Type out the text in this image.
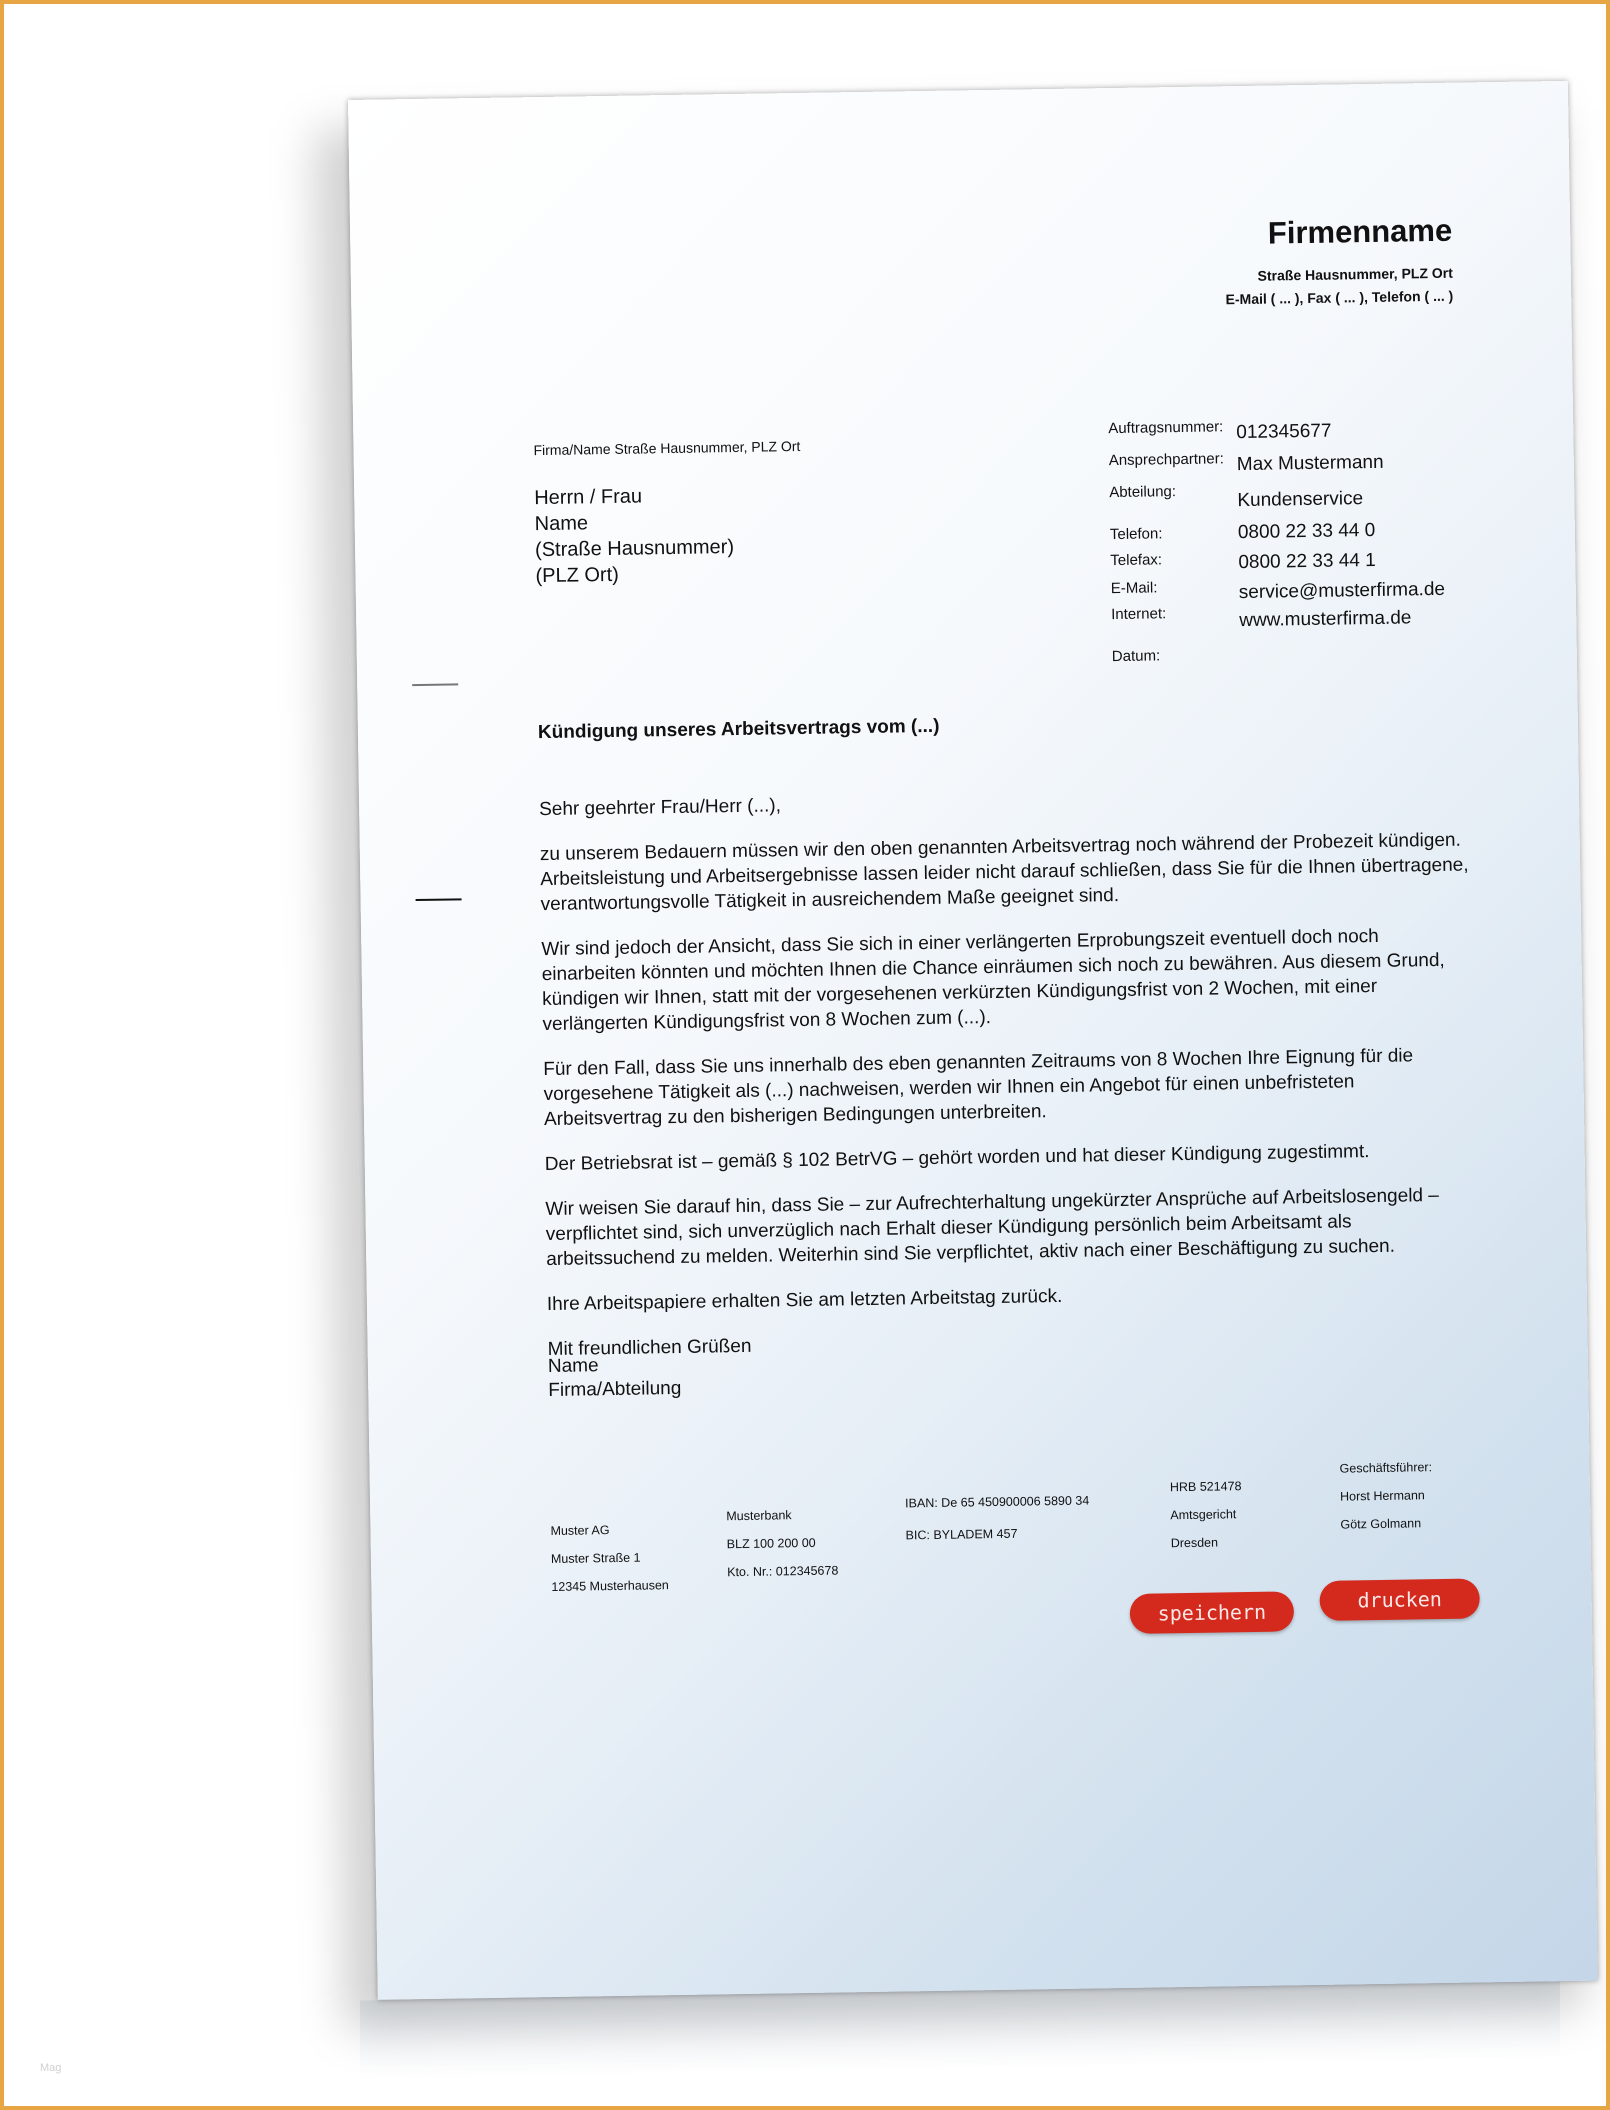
Firmenname
Straße Hausnummer, PLZ Ort
E-Mail ( ... ), Fax ( ... ), Telefon ( ... )
Firma/Name Straße Hausnummer, PLZ Ort
Herrn / Frau
Name
(Straße Hausnummer)
(PLZ Ort)
Auftragsnummer: 012345677
Ansprechpartner: Max Mustermann
Abteilung:	Kundenservice
Telefon:	0800 22 33 44 0
Telefax:	0800 22 33 44 1
E-Mail:	service@musterfirma.de
Internet:	www.musterfirma.de
Datum:
Kündigung unseres Arbeitsvertrags vom (...)
Sehr geehrter Frau/Herr (...),

zu unserem Bedauern müssen wir den oben genannten Arbeitsvertrag noch während der Probezeit kündigen. Arbeitsleistung und Arbeitsergebnisse lassen leider nicht darauf schließen, dass Sie für die Ihnen übertragene, verantwortungsvolle Tätigkeit in ausreichendem Maße geeignet sind.

Wir sind jedoch der Ansicht, dass Sie sich in einer verlängerten Erprobungszeit eventuell doch noch einarbeiten könnten und möchten Ihnen die Chance einräumen sich noch zu bewähren. Aus diesem Grund, kündigen wir Ihnen, statt mit der vorgesehenen verkürzten Kündigungsfrist von 2 Wochen, mit einer verlängerten Kündigungsfrist von 8 Wochen zum (...).

Für den Fall, dass Sie uns innerhalb des eben genannten Zeitraums von 8 Wochen Ihre Eignung für die vorgesehene Tätigkeit als (...) nachweisen, werden wir Ihnen ein Angebot für einen unbefristeten Arbeitsvertrag zu den bisherigen Bedingungen unterbreiten.

Der Betriebsrat ist – gemäß § 102 BetrVG – gehört worden und hat dieser Kündigung zugestimmt.

Wir weisen Sie darauf hin, dass Sie – zur Aufrechterhaltung ungekürzter Ansprüche auf Arbeitslosengeld – verpflichtet sind, sich unverzüglich nach Erhalt dieser Kündigung persönlich beim Arbeitsamt als arbeitssuchend zu melden. Weiterhin sind Sie verpflichtet, aktiv nach einer Beschäftigung zu suchen.

Ihre Arbeitspapiere erhalten Sie am letzten Arbeitstag zurück.

Mit freundlichen Grüßen

Name
Firma/Abteilung
Muster AG
Muster Straße 1
12345 Musterhausen
Musterbank
BLZ 100 200 00
Kto. Nr.: 012345678
IBAN: De 65 450900006 5890 34
BIC: BYLADEM 457
HRB 521478
Amtsgericht
Dresden
Geschäftsführer:
Horst Hermann
Götz Golmann
speichern
drucken
Mag
